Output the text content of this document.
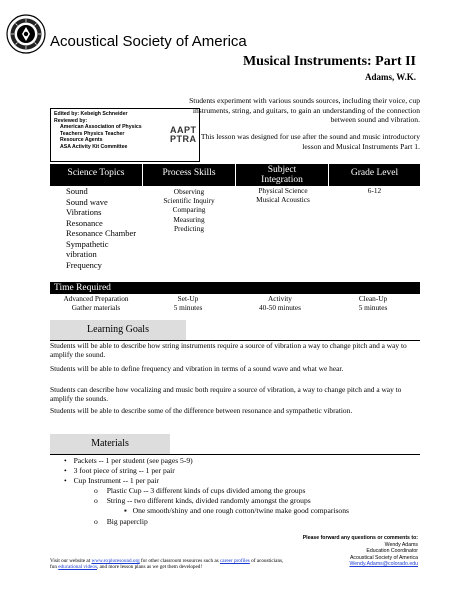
Acoustical Society of America
Musical Instruments: Part II
Adams, W.K.
Students experiment with various sounds sources, including their voice, cup instruments, string, and guitars, to gain an understanding of the connection between sound and vibration.
This lesson was designed for use after the sound and music introductory lesson and Musical Instruments Part 1.
Edited by: Kebeigh Schneider
Reviewed by:
American Association of Physics
Teachers Physics Teacher
Resource Agents
ASA Activity Kit Committee
AAPT
PTRA
Science Topics	Process Skills	Subject Integration
Grade Level
Sound
Sound wave
Vibrations
Resonance
Resonance Chamber
Sympathetic
vibration
Frequency
Observing
Scientific Inquiry
Comparing
Measuring
Predicting
Physical Science
Musical Acoustics
6-12
Time Required
Advanced Preparation
Gather materials
Set-Up
5 minutes
Activity
40-50 minutes
Clean-Up
5 minutes
Learning Goals
Students will be able to describe how string instruments require a source of vibration a way to change pitch and a way to amplify the sound.
Students will be able to define frequency and vibration in terms of a sound wave and what we hear.
Students can describe how vocalizing and music both require a source of vibration, a way to change pitch and a way to amplify the sounds.
Students will be able to describe some of the difference between resonance and sympathetic vibration.
Materials
• Packets -- 1 per student (see pages 5-9)
• 3 foot piece of string -- 1 per pair
• Cup Instrument -- 1 per pair
o Plastic Cup -- 3 different kinds of cups divided among the groups
o String -- two different kinds, divided randomly amongst the groups
▪ One smooth/shiny and one rough cotton/twine make good comparisons
o Big paperclip
Visit our website at www.exploresound.org for other classroom resources such as career profiles of acousticians, fun educational videos, and more lesson plans as we get them developed!
Please forward any questions or comments to:
Wendy Adams
Education Coordinator
Acoustical Society of America
Wendy.Adams@colorado.edu
